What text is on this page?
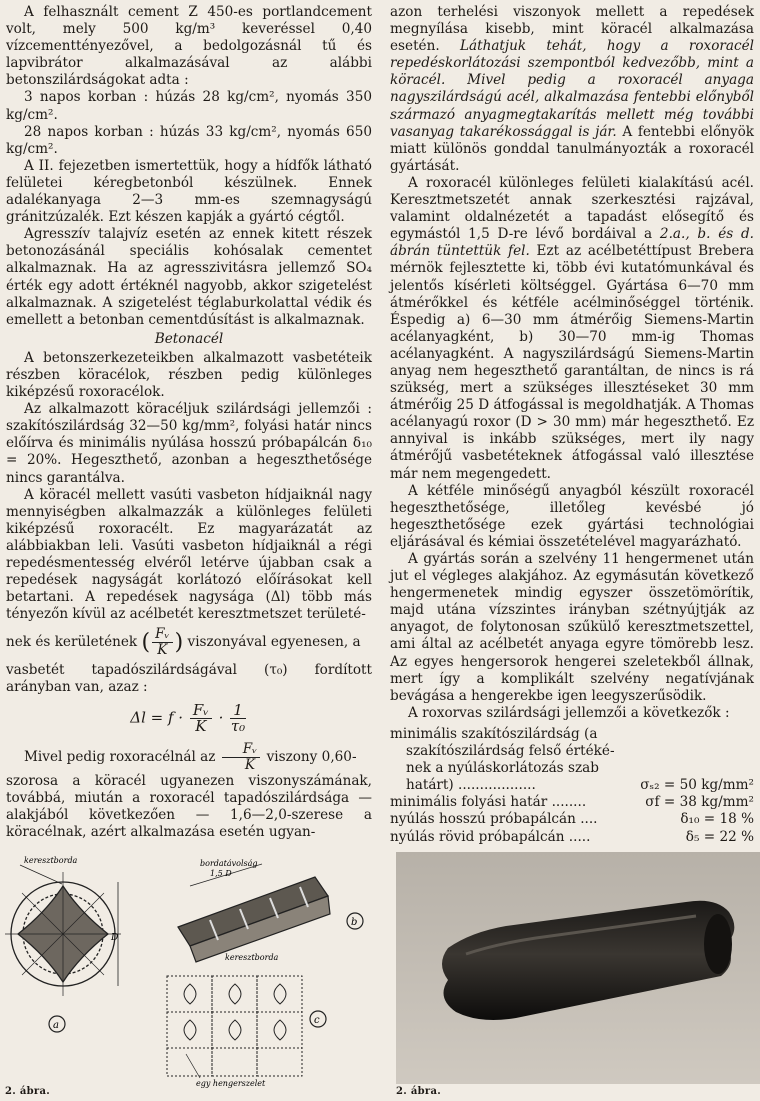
A felhasznált cement Z 450-es portlandcement volt, mely 500 kg/m³ keveréssel 0,40 vízcementtényezővel, a bedolgozásnál tű és lapvibrátor alkalmazásával az alábbi betonszilárdságokat adta :

3 napos korban : húzás 28 kg/cm², nyomás 350 kg/cm².

28 napos korban : húzás 33 kg/cm², nyomás 650 kg/cm².

A II. fejezetben ismertettük, hogy a hídfők látható felületei kéregbetonból készülnek. Ennek adalékanyaga 2—3 mm-es szemnagyságú gránitzúzalék. Ezt készen kapják a gyártó cégtől.

Agresszív talajvíz esetén az ennek kitett részek betonozásánál speciális kohósalak cementet alkalmaznak. Ha az agresszivitásra jellemző SO₄ érték egy adott értéknél nagyobb, akkor szigetelést alkalmaznak. A szigetelést téglaburkolattal védik és emellett a betonban cementdúsítást is alkalmaznak.

Betonacél

A betonszerkezeteikben alkalmazott vasbetéteik részben köracélok, részben pedig különleges kiképzésű roxoracélok.

Az alkalmazott köracéljuk szilárdsági jellemzői : szakítószilárdság 32—50 kg/mm², folyási határ nincs előírva és minimális nyúlása hosszú próbapálcán δ₁₀ = 20%. Hegeszthető, azonban a hegeszthetősége nincs garantálva.

A köracél mellett vasúti vasbeton hídjaiknál nagy mennyiségben alkalmazzák a különleges felületi kiképzésű roxoracélt. Ez magyarázatát az alábbiakban leli. Vasúti vasbeton hídjaiknál a régi repedésmentesség elvéről letérve újabban csak a repedések nagyságát korlátozó előírásokat kell betartani. A repedések nagysága (Δl) több más tényezőn kívül az acélbetét keresztmetszet területé-

nek és kerületének ( $\frac{\text{Fᵥ}}{K}$ ) viszonyával egyenesen, a

vasbetét tapadószilárdságával (τ₀) fordított arányban van, azaz :

$\Delta l = f \cdot \frac{\text{Fᵥ}}{K} \cdot \frac{1}{\text{τ₀}}$

Mivel pedig roxoracélnál az $\frac{\text{Fᵥ}}{K}$ viszony 0,60-

szorosa a köracél ugyanezen viszonyszámának, továbbá, miután a roxoracél tapadószilárdsága — alakjából következően — 1,6—2,0-szerese a köracélnak, azért alkalmazása esetén ugyan-

azon terhelési viszonyok mellett a repedések megnyílása kisebb, mint köracél alkalmazása esetén. Láthatjuk tehát, hogy a roxoracél repedéskorlátozási szempontból kedvezőbb, mint a köracél. Mivel pedig a roxoracél anyaga nagyszilárdságú acél, alkalmazása fentebbi előnyből származó anyagmegtakarítás mellett még további vasanyag takarékossággal is jár. A fentebbi előnyök miatt különös gonddal tanulmányozták a roxoracél gyártását.

A roxoracél különleges felületi kialakítású acél. Keresztmetszetét annak szerkesztési rajzával, valamint oldalnézetét a tapadást elősegítő és egymástól 1,5 D-re lévő bordáival a 2.a., b. és d. ábrán tüntettük fel. Ezt az acélbetéttípust Brebera mérnök fejlesztette ki, több évi kutatómunkával és jelentős kísérleti költséggel. Gyártása 6—70 mm átmérőkkel és kétféle acélminőséggel történik. Éspedig a) 6—30 mm átmérőig Siemens-Martin acélanyagként, b) 30—70 mm-ig Thomas acélanyagként. A nagyszilárdságú Siemens-Martin anyag nem hegeszthető garantáltan, de nincs is rá szükség, mert a szükséges illesztéseket 30 mm átmérőig 25 D átfogással is megoldhatják. A Thomas acélanyagú roxor (D > 30 mm) már hegeszthető. Ez annyival is inkább szükséges, mert ily nagy átmérőjű vasbetéteknek átfogással való illesztése már nem megengedett.

A kétféle minőségű anyagból készült roxoracél hegeszthetősége, illetőleg kevésbé jó hegeszthetősége ezek gyártási technológiai eljárásával és kémiai összetételével magyarázható.

A gyártás során a szelvény 11 hengermenet után jut el végleges alakjához. Az egymásután következő hengermenetek mindig egyszer összetömörítik, majd utána vízszintes irányban szétnyújtják az anyagot, de folytonosan szűkülő keresztmetszettel, ami által az acélbetét anyaga egyre tömörebb lesz. Az egyes hengersorok hengerei szeletekből állnak, mert így a komplikált szelvény negatívjának bevágása a hengerekbe igen leegyszerűsödik.

A roxorvas szilárdsági jellemzői a következők :

minimális szakítószilárdság (a
szakítószilárdság felső értéké-
nek a nyúláskorlátozás szab
határt) ..................	σₛ₂ = 50 kg/mm²
minimális folyási határ ........	σf = 38 kg/mm²
nyúlás hosszú próbapálcán ....	δ₁₀ = 18 %
nyúlás rövid próbapálcán .....	δ₅ = 22 %
keresztborda
D
a
bordatávolság
1,5 D
keresztborda
b
egy hengerszelet
c
2. ábra.	2. ábra.
